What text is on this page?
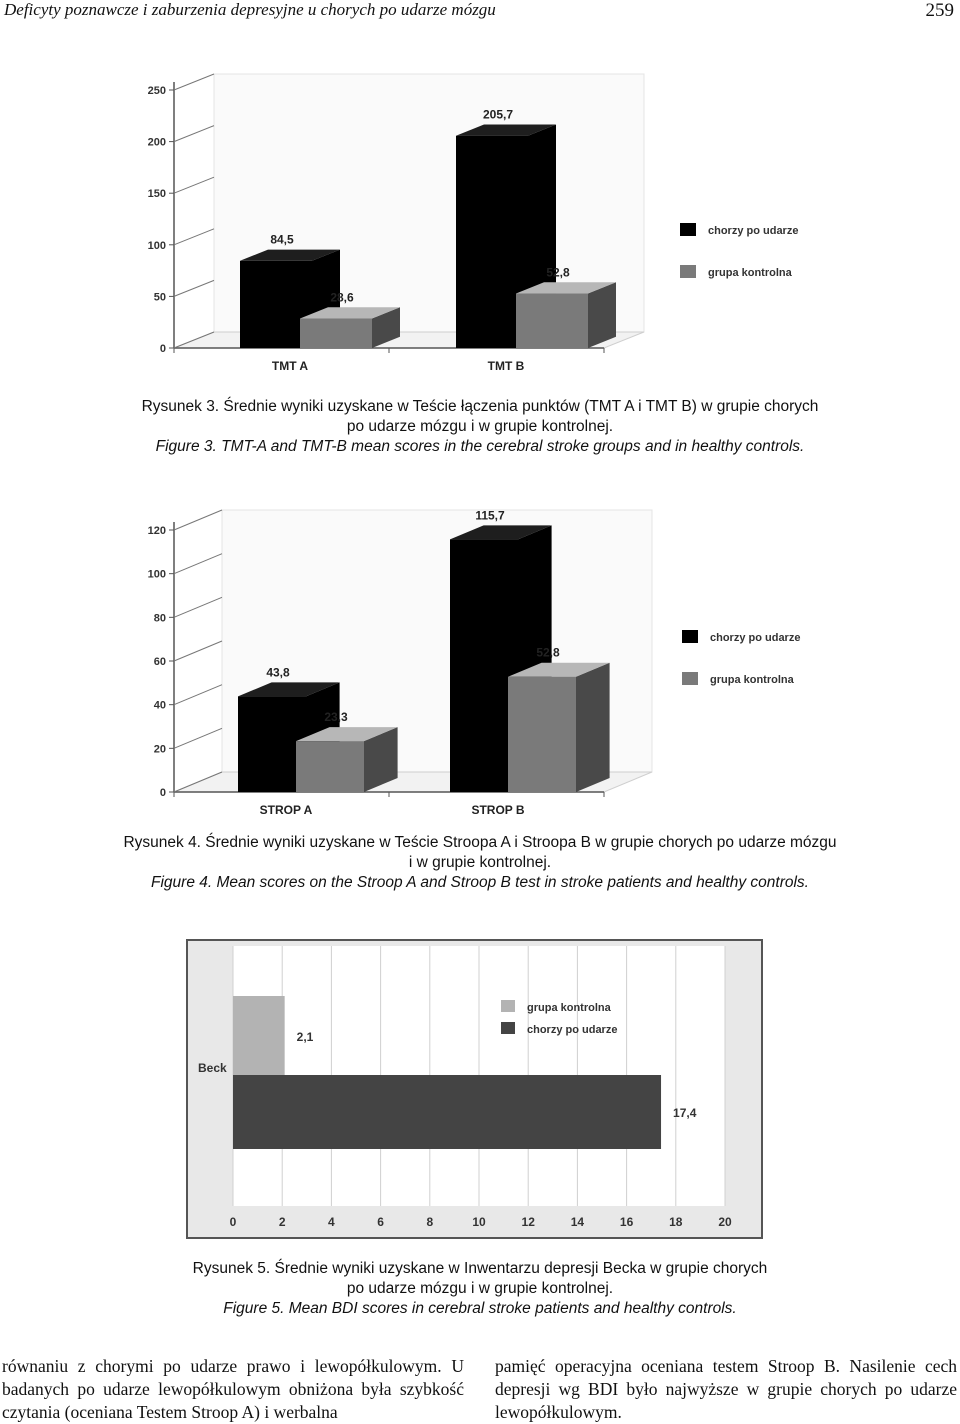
Deficyty poznawcze i zaburzenia depresyjne u chorych po udarze mózgu	259
0
50
100
150
200
250
84,5
28,6
TMT A
205,7
52,8
TMT B
chorzy po udarze
grupa kontrolna
Rysunek 3. Średnie wyniki uzyskane w Teście łączenia punktów (TMT A i TMT B) w grupie chorych
po udarze mózgu i w grupie kontrolnej.
Figure 3. TMT-A and TMT-B mean scores in the cerebral stroke groups and in healthy controls.
0
20
40
60
80
100
120
43,8
23,3
STROP A
115,7
52,8
STROP B
chorzy po udarze
grupa kontrolna
Rysunek 4. Średnie wyniki uzyskane w Teście Stroopa A i Stroopa B w grupie chorych po udarze mózgu
i w grupie kontrolnej.
Figure 4. Mean scores on the Stroop A and Stroop B test in stroke patients and healthy controls.
0	2	4	6	8	10	12	14	16	18	20
2,1
17,4
Beck
grupa kontrolna
chorzy po udarze
Rysunek 5. Średnie wyniki uzyskane w Inwentarzu depresji Becka w grupie chorych
po udarze mózgu i w grupie kontrolnej.
Figure 5. Mean BDI scores in cerebral stroke patients and healthy controls.

równaniu z chorymi po udarze prawo i lewopółkulowym. U badanych po udarze lewopółkulowym obniżona była szybkość czytania (oceniana Testem Stroop A) i werbalna

pamięć operacyjna oceniana testem Stroop B. Nasilenie cech depresji wg BDI było najwyższe w grupie chorych po udarze lewopółkulowym.
